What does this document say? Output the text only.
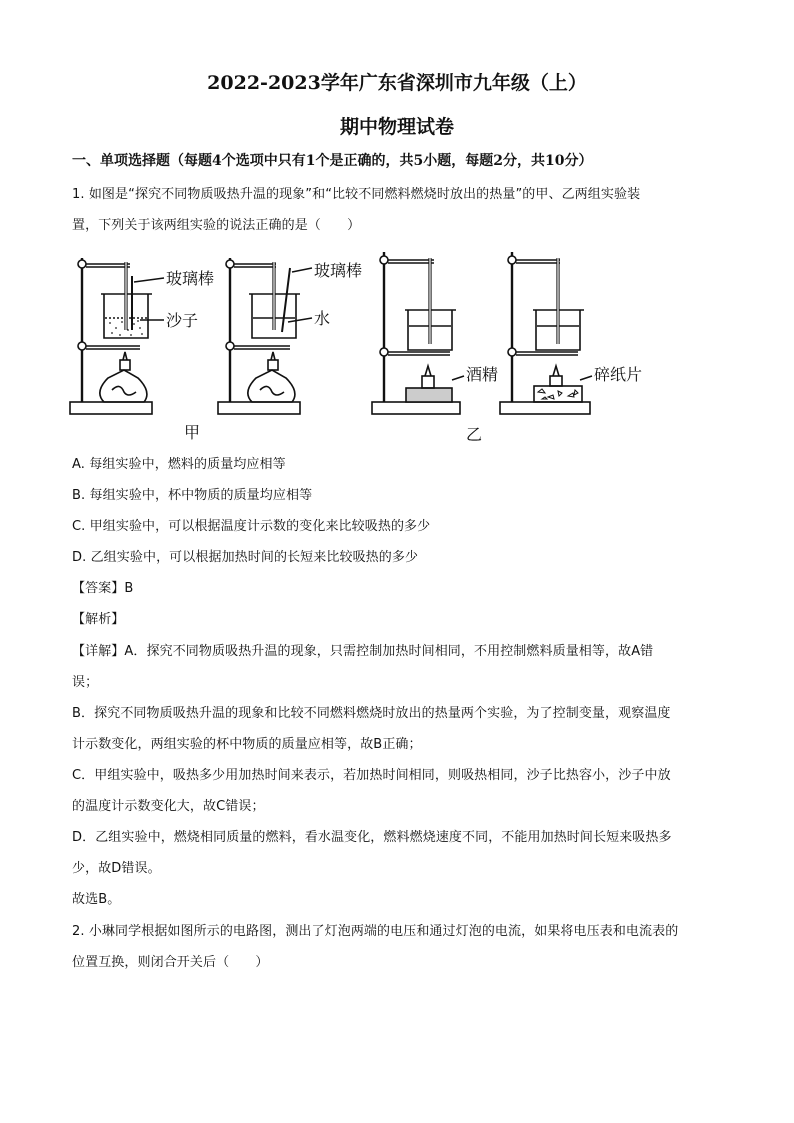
2022-2023学年广东省深圳市九年级（上）
期中物理试卷
一、单项选择题（每题4个选项中只有1个是正确的，共5小题，每题2分，共10分）
1. 如图是“探究不同物质吸热升温的现象”和“比较不同燃料燃烧时放出的热量”的甲、乙两组实验装
置，下列关于该两组实验的说法正确的是（　　）
玻璃棒
沙子
玻璃棒
水
酒精	碎纸片
甲	乙
A. 每组实验中，燃料的质量均应相等
B. 每组实验中，杯中物质的质量均应相等
C. 甲组实验中，可以根据温度计示数的变化来比较吸热的多少
D. 乙组实验中，可以根据加热时间的长短来比较吸热的多少
【答案】B
【解析】
【详解】A．探究不同物质吸热升温的现象，只需控制加热时间相同，不用控制燃料质量相等，故A错
误；
B．探究不同物质吸热升温的现象和比较不同燃料燃烧时放出的热量两个实验，为了控制变量，观察温度
计示数变化，两组实验的杯中物质的质量应相等，故B正确；
C．甲组实验中，吸热多少用加热时间来表示，若加热时间相同，则吸热相同，沙子比热容小，沙子中放
的温度计示数变化大，故C错误；
D．乙组实验中，燃烧相同质量的燃料，看水温变化，燃料燃烧速度不同，不能用加热时间长短来吸热多
少，故D错误。
故选B。
2. 小琳同学根据如图所示的电路图，测出了灯泡两端的电压和通过灯泡的电流，如果将电压表和电流表的
位置互换，则闭合开关后（　　）
